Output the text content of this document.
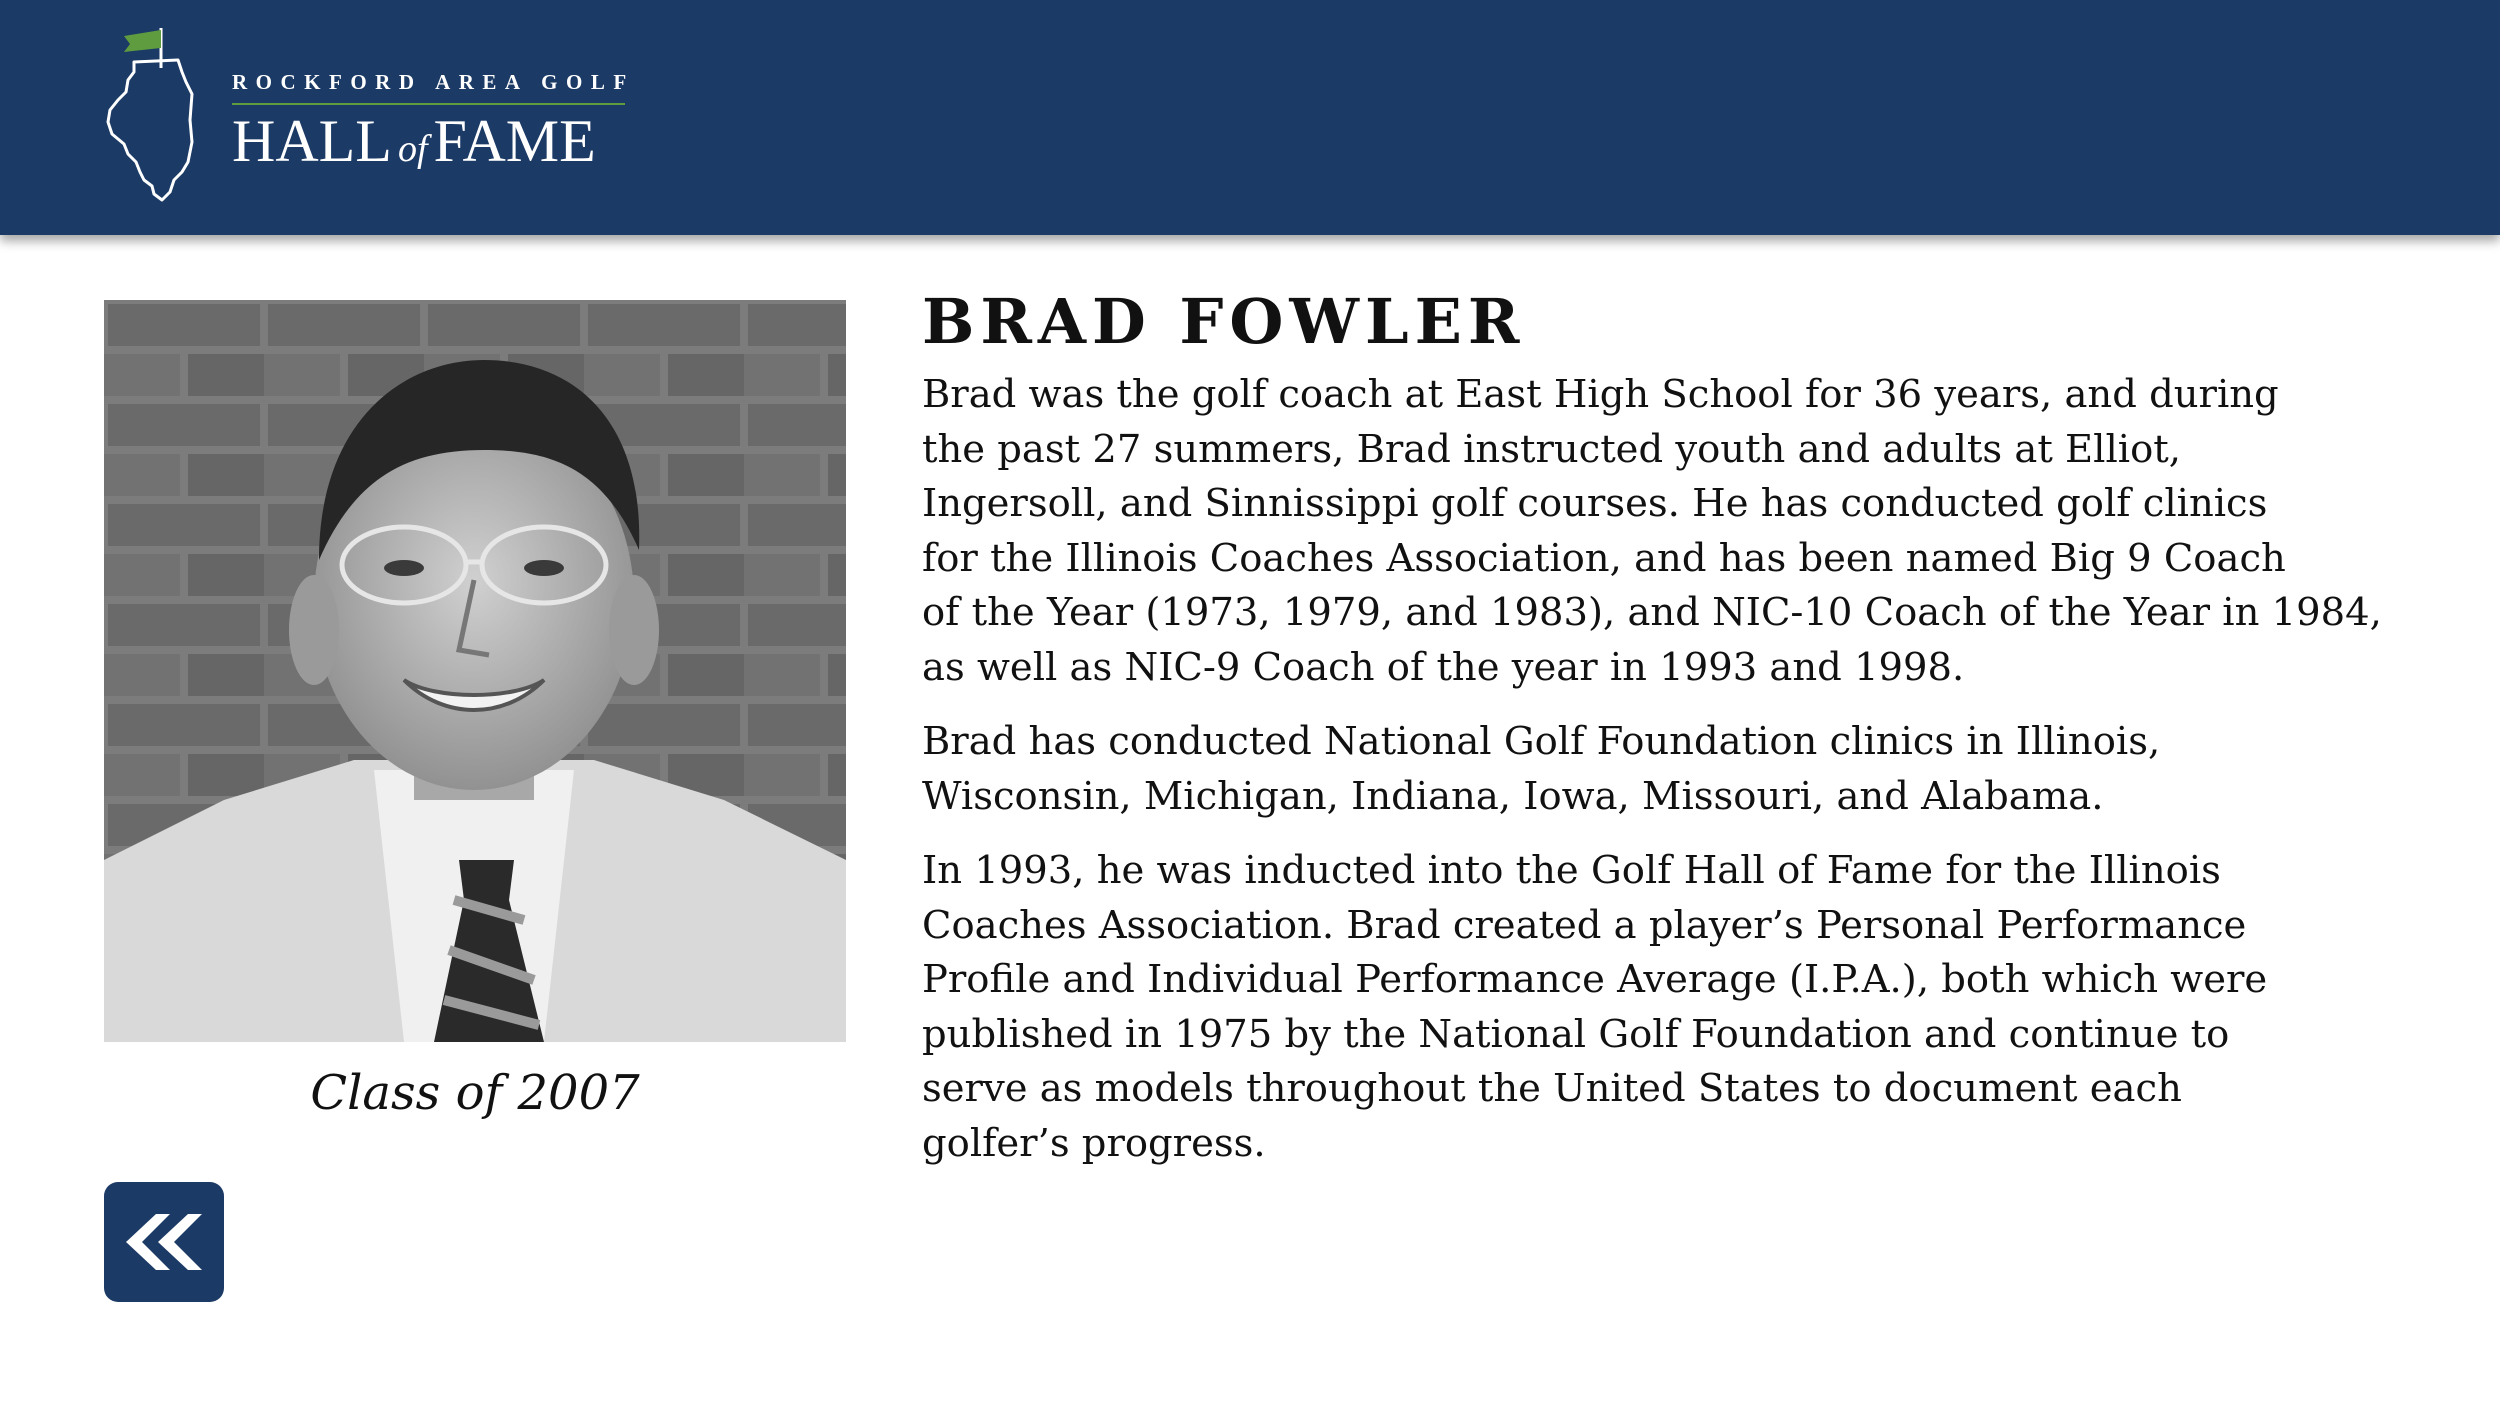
ROCKFORD AREA GOLF
HALL of FAME
Class of 2007
BRAD FOWLER

Brad was the golf coach at East High School for 36 years, and during
the past 27 summers, Brad instructed youth and adults at Elliot,
Ingersoll, and Sinnissippi golf courses. He has conducted golf clinics
for the Illinois Coaches Association, and has been named Big 9 Coach
of the Year (1973, 1979, and 1983), and NIC-10 Coach of the Year in 1984,
as well as NIC-9 Coach of the year in 1993 and 1998.

Brad has conducted National Golf Foundation clinics in Illinois,
Wisconsin, Michigan, Indiana, Iowa, Missouri, and Alabama.

In 1993, he was inducted into the Golf Hall of Fame for the Illinois
Coaches Association. Brad created a player’s Personal Performance
Profile and Individual Performance Average (I.P.A.), both which were
published in 1975 by the National Golf Foundation and continue to
serve as models throughout the United States to document each
golfer’s progress.
